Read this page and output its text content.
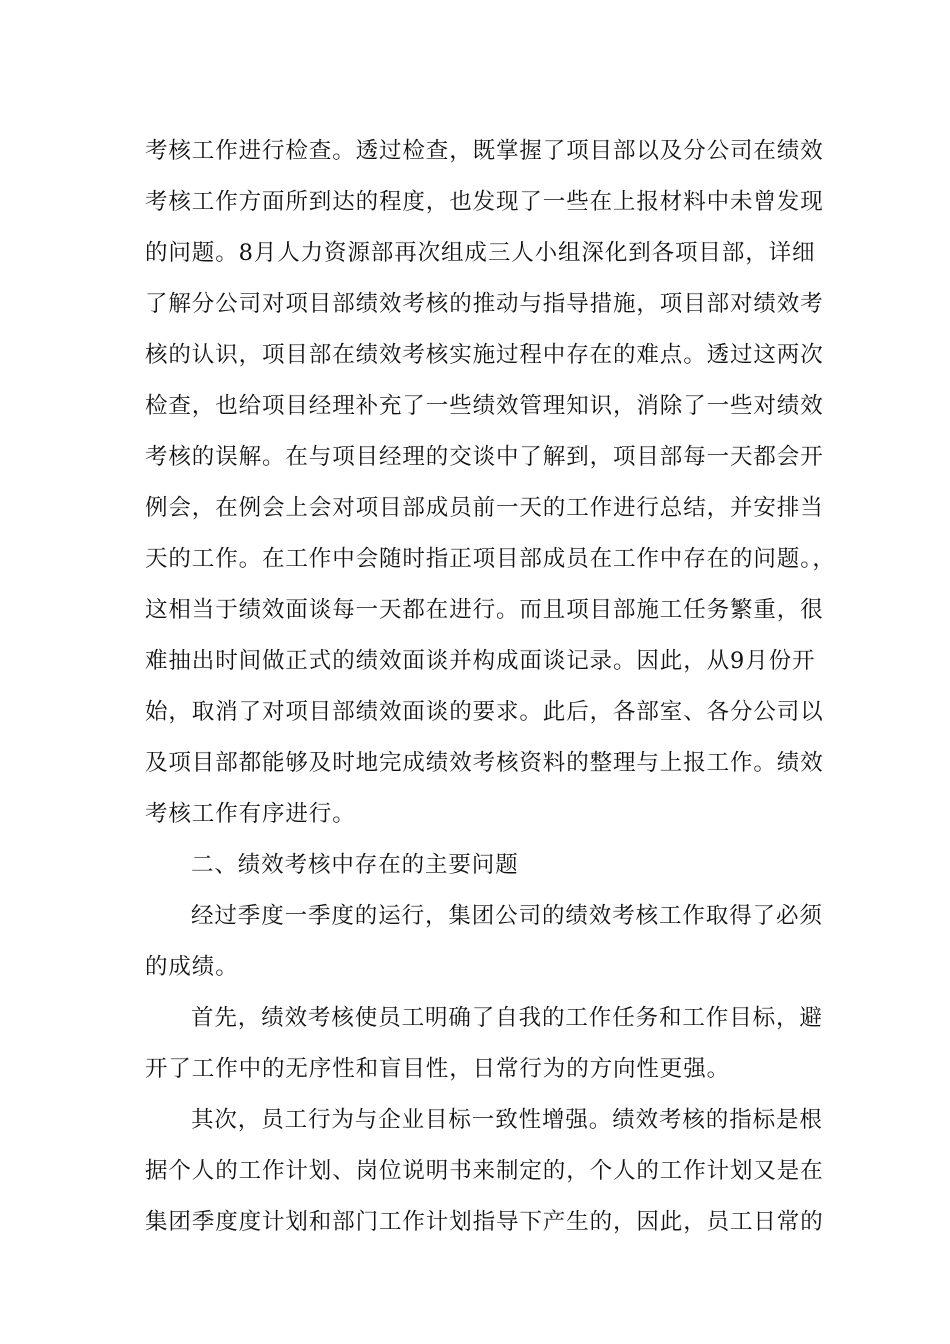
考核工作进行检查。透过检查，既掌握了项目部以及分公司在绩效
考核工作方面所到达的程度，也发现了一些在上报材料中未曾发现
的问题。8月人力资源部再次组成三人小组深化到各项目部，详细
了解分公司对项目部绩效考核的推动与指导措施，项目部对绩效考
核的认识，项目部在绩效考核实施过程中存在的难点。透过这两次
检查，也给项目经理补充了一些绩效管理知识，消除了一些对绩效
考核的误解。在与项目经理的交谈中了解到，项目部每一天都会开
例会，在例会上会对项目部成员前一天的工作进行总结，并安排当
天的工作。在工作中会随时指正项目部成员在工作中存在的问题。，
这相当于绩效面谈每一天都在进行。而且项目部施工任务繁重，很
难抽出时间做正式的绩效面谈并构成面谈记录。因此，从9月份开
始，取消了对项目部绩效面谈的要求。此后，各部室、各分公司以
及项目部都能够及时地完成绩效考核资料的整理与上报工作。绩效
考核工作有序进行。
二、绩效考核中存在的主要问题
经过季度一季度的运行，集团公司的绩效考核工作取得了必须
的成绩。
首先，绩效考核使员工明确了自我的工作任务和工作目标，避
开了工作中的无序性和盲目性，日常行为的方向性更强。
其次，员工行为与企业目标一致性增强。绩效考核的指标是根
据个人的工作计划、岗位说明书来制定的，个人的工作计划又是在
集团季度度计划和部门工作计划指导下产生的，因此，员工日常的
